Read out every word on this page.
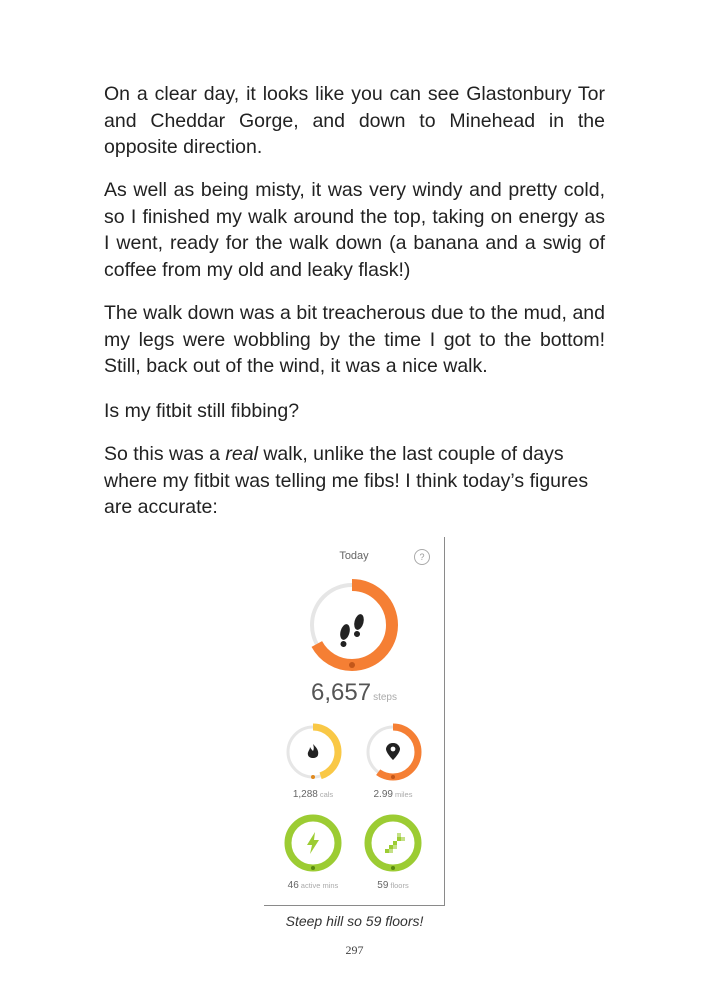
On a clear day, it looks like you can see Glastonbury Tor and Cheddar Gorge, and down to Minehead in the opposite direction.

As well as being misty, it was very windy and pretty cold, so I finished my walk around the top, taking on energy as I went, ready for the walk down (a banana and a swig of coffee from my old and leaky flask!)

The walk down was a bit treacherous due to the mud, and my legs were wobbling by the time I got to the bottom! Still, back out of the wind, it was a nice walk.

Is my fitbit still fibbing?

So this was a real walk, unlike the last couple of days where my fitbit was telling me fibs! I think today’s figures are accurate:

Today	?
6,657 steps
1,288 cals	2.99 miles
46 active mins	59 floors
Steep hill so 59 floors!
297
